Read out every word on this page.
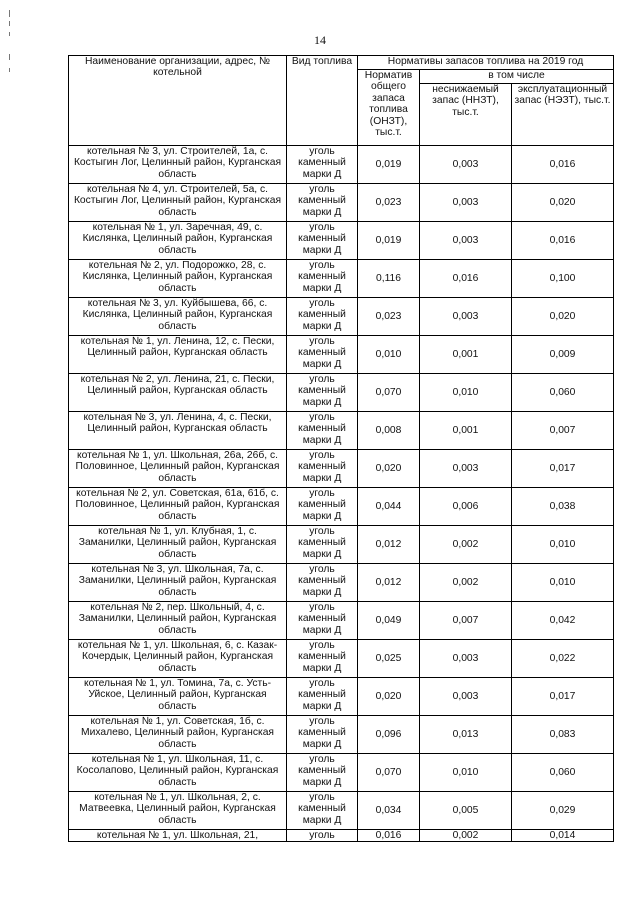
14
Наименование организации, адрес, № котельной	Вид топлива	Нормативы запасов топлива на 2019 год		
		Норматив общего запаса топлива (ОНЗТ), тыс.т.	в том числе	
			неснижаемый запас (ННЗТ), тыс.т.	эксплуатационный запас (НЭЗТ), тыс.т.
котельная № 3, ул. Строителей, 1а, с. Костыгин Лог, Целинный район, Курганская область	уголь каменный марки Д	0,019	0,003	0,016
котельная № 4, ул. Строителей, 5а, с. Костыгин Лог, Целинный район, Курганская область	уголь каменный марки Д	0,023	0,003	0,020
котельная № 1, ул. Заречная, 49, с. Кислянка, Целинный район, Курганская область	уголь каменный марки Д	0,019	0,003	0,016
котельная № 2, ул. Подорожко, 28, с. Кислянка, Целинный район, Курганская область	уголь каменный марки Д	0,116	0,016	0,100
котельная № 3, ул. Куйбышева, 66, с. Кислянка, Целинный район, Курганская область	уголь каменный марки Д	0,023	0,003	0,020
котельная № 1, ул. Ленина, 12, с. Пески, Целинный район, Курганская область	уголь каменный марки Д	0,010	0,001	0,009
котельная № 2, ул. Ленина, 21, с. Пески, Целинный район, Курганская область	уголь каменный марки Д	0,070	0,010	0,060
котельная № 3, ул. Ленина, 4, с. Пески, Целинный район, Курганская область	уголь каменный марки Д	0,008	0,001	0,007
котельная № 1, ул. Школьная, 26а, 26б, с. Половинное, Целинный район, Курганская область	уголь каменный марки Д	0,020	0,003	0,017
котельная № 2, ул. Советская, 61а, 61б, с. Половинное, Целинный район, Курганская область	уголь каменный марки Д	0,044	0,006	0,038
котельная № 1, ул. Клубная, 1, с. Заманилки, Целинный район, Курганская область	уголь каменный марки Д	0,012	0,002	0,010
котельная № 3, ул. Школьная, 7а, с. Заманилки, Целинный район, Курганская область	уголь каменный марки Д	0,012	0,002	0,010
котельная № 2, пер. Школьный, 4, с. Заманилки, Целинный район, Курганская область	уголь каменный марки Д	0,049	0,007	0,042
котельная № 1, ул. Школьная, 6, с. Казак-Кочердык, Целинный район, Курганская область	уголь каменный марки Д	0,025	0,003	0,022
котельная № 1, ул. Томина, 7а, с. Усть-Уйское, Целинный район, Курганская область	уголь каменный марки Д	0,020	0,003	0,017
котельная № 1, ул. Советская, 1б, с. Михалево, Целинный район, Курганская область	уголь каменный марки Д	0,096	0,013	0,083
котельная № 1, ул. Школьная, 11, с. Косолапово, Целинный район, Курганская область	уголь каменный марки Д	0,070	0,010	0,060
котельная № 1, ул. Школьная, 2, с. Матвеевка, Целинный район, Курганская область	уголь каменный марки Д	0,034	0,005	0,029
котельная № 1, ул. Школьная, 21,	уголь	0,016	0,002	0,014
